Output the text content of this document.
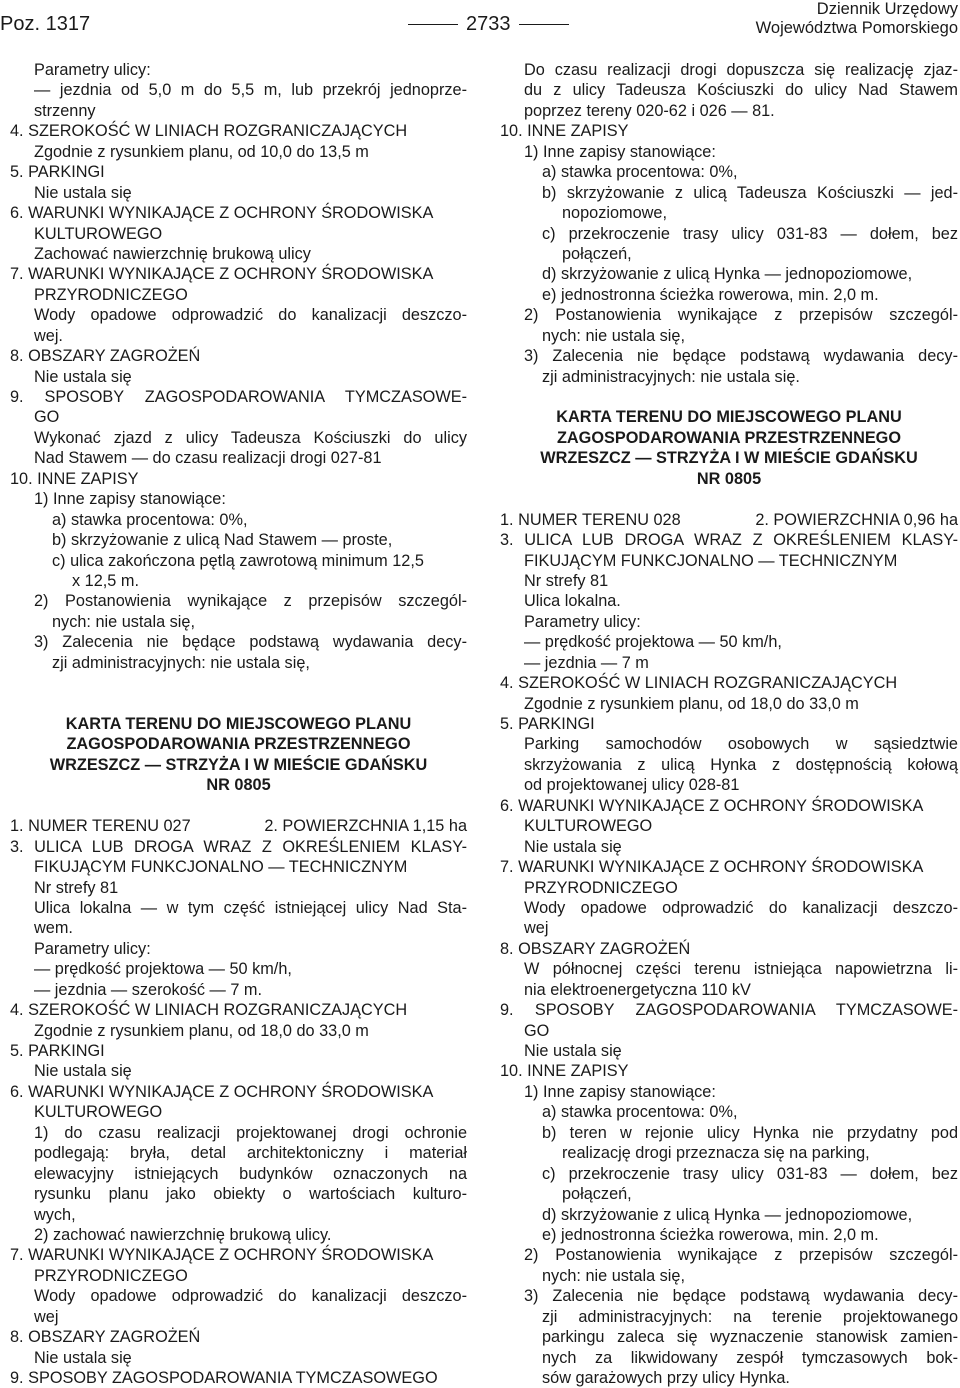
Poz. 1317	2733
Dziennik Urzędowy
Województwa Pomorskiego
Parametry ulicy:
— jezdnia od 5,0 m do 5,5 m, lub przekrój jednoprze-
strzenny
4. SZEROKOŚĆ W LINIACH ROZGRANICZAJĄCYCH
Zgodnie z rysunkiem planu, od 10,0 do 13,5 m
5. PARKINGI
Nie ustala się
6. WARUNKI WYNIKAJĄCE Z OCHRONY ŚRODOWISKA
KULTUROWEGO
Zachować nawierzchnię brukową ulicy
7. WARUNKI WYNIKAJĄCE Z OCHRONY ŚRODOWISKA
PRZYRODNICZEGO
Wody opadowe odprowadzić do kanalizacji deszczo-
wej.
8. OBSZARY ZAGROŻEŃ
Nie ustala się
9. SPOSOBY ZAGOSPODAROWANIA TYMCZASOWE-
GO
Wykonać zjazd z ulicy Tadeusza Kościuszki do ulicy
Nad Stawem — do czasu realizacji drogi 027-81
10. INNE ZAPISY
1) Inne zapisy stanowiące:
a) stawka procentowa: 0%,
b) skrzyżowanie z ulicą Nad Stawem — proste,
c) ulica zakończona pętlą zawrotową minimum 12,5
x 12,5 m.
2) Postanowienia wynikające z przepisów szczegól-
nych: nie ustala się,
3) Zalecenia nie będące podstawą wydawania decy-
zji administracyjnych: nie ustala się,
KARTA TERENU DO MIEJSCOWEGO PLANU
ZAGOSPODAROWANIA PRZESTRZENNEGO
WRZESZCZ — STRZYŻA I W MIEŚCIE GDAŃSKU
NR 0805
1. NUMER TERENU 027	2. POWIERZCHNIA 1,15 ha
3. ULICA LUB DROGA WRAZ Z OKREŚLENIEM KLASY-
FIKUJĄCYM FUNKCJONALNO — TECHNICZNYM
Nr strefy 81
Ulica lokalna — w tym część istniejącej ulicy Nad Sta-
wem.
Parametry ulicy:
— prędkość projektowa — 50 km/h,
— jezdnia — szerokość — 7 m.
4. SZEROKOŚĆ W LINIACH ROZGRANICZAJĄCYCH
Zgodnie z rysunkiem planu, od 18,0 do 33,0 m
5. PARKINGI
Nie ustala się
6. WARUNKI WYNIKAJĄCE Z OCHRONY ŚRODOWISKA
KULTUROWEGO
1) do czasu realizacji projektowanej drogi ochronie
podlegają: bryła, detal architektoniczny i materiał
elewacyjny istniejących budynków oznaczonych na
rysunku planu jako obiekty o wartościach kulturo-
wych,
2) zachować nawierzchnię brukową ulicy.
7. WARUNKI WYNIKAJĄCE Z OCHRONY ŚRODOWISKA
PRZYRODNICZEGO
Wody opadowe odprowadzić do kanalizacji deszczo-
wej
8. OBSZARY ZAGROŻEŃ
Nie ustala się
9. SPOSOBY ZAGOSPODAROWANIA TYMCZASOWEGO
Do czasu realizacji drogi dopuszcza się realizację zjaz-
du z ulicy Tadeusza Kościuszki do ulicy Nad Stawem
poprzez tereny 020-62 i 026 — 81.
10. INNE ZAPISY
1) Inne zapisy stanowiące:
a) stawka procentowa: 0%,
b) skrzyżowanie z ulicą Tadeusza Kościuszki — jed-
nopoziomowe,
c) przekroczenie trasy ulicy 031-83 — dołem, bez
połączeń,
d) skrzyżowanie z ulicą Hynka — jednopoziomowe,
e) jednostronna ścieżka rowerowa, min. 2,0 m.
2) Postanowienia wynikające z przepisów szczegól-
nych: nie ustala się,
3) Zalecenia nie będące podstawą wydawania decy-
zji administracyjnych: nie ustala się.
KARTA TERENU DO MIEJSCOWEGO PLANU
ZAGOSPODAROWANIA PRZESTRZENNEGO
WRZESZCZ — STRZYŻA I W MIEŚCIE GDAŃSKU
NR 0805
1. NUMER TERENU 028	2. POWIERZCHNIA 0,96 ha
3. ULICA LUB DROGA WRAZ Z OKREŚLENIEM KLASY-
FIKUJĄCYM FUNKCJONALNO — TECHNICZNYM
Nr strefy 81
Ulica lokalna.
Parametry ulicy:
— prędkość projektowa — 50 km/h,
— jezdnia — 7 m
4. SZEROKOŚĆ W LINIACH ROZGRANICZAJĄCYCH
Zgodnie z rysunkiem planu, od 18,0 do 33,0 m
5. PARKINGI
Parking samochodów osobowych w sąsiedztwie
skrzyżowania z ulicą Hynka z dostępnością kołową
od projektowanej ulicy 028-81
6. WARUNKI WYNIKAJĄCE Z OCHRONY ŚRODOWISKA
KULTUROWEGO
Nie ustala się
7. WARUNKI WYNIKAJĄCE Z OCHRONY ŚRODOWISKA
PRZYRODNICZEGO
Wody opadowe odprowadzić do kanalizacji deszczo-
wej
8. OBSZARY ZAGROŻEŃ
W północnej części terenu istniejąca napowietrzna li-
nia elektroenergetyczna 110 kV
9. SPOSOBY ZAGOSPODAROWANIA TYMCZASOWE-
GO
Nie ustala się
10. INNE ZAPISY
1) Inne zapisy stanowiące:
a) stawka procentowa: 0%,
b) teren w rejonie ulicy Hynka nie przydatny pod
realizację drogi przeznacza się na parking,
c) przekroczenie trasy ulicy 031-83 — dołem, bez
połączeń,
d) skrzyżowanie z ulicą Hynka — jednopoziomowe,
e) jednostronna ścieżka rowerowa, min. 2,0 m.
2) Postanowienia wynikające z przepisów szczegól-
nych: nie ustala się,
3) Zalecenia nie będące podstawą wydawania decy-
zji administracyjnych: na terenie projektowanego
parkingu zaleca się wyznaczenie stanowisk zamien-
nych za likwidowany zespół tymczasowych bok-
sów garażowych przy ulicy Hynka.
